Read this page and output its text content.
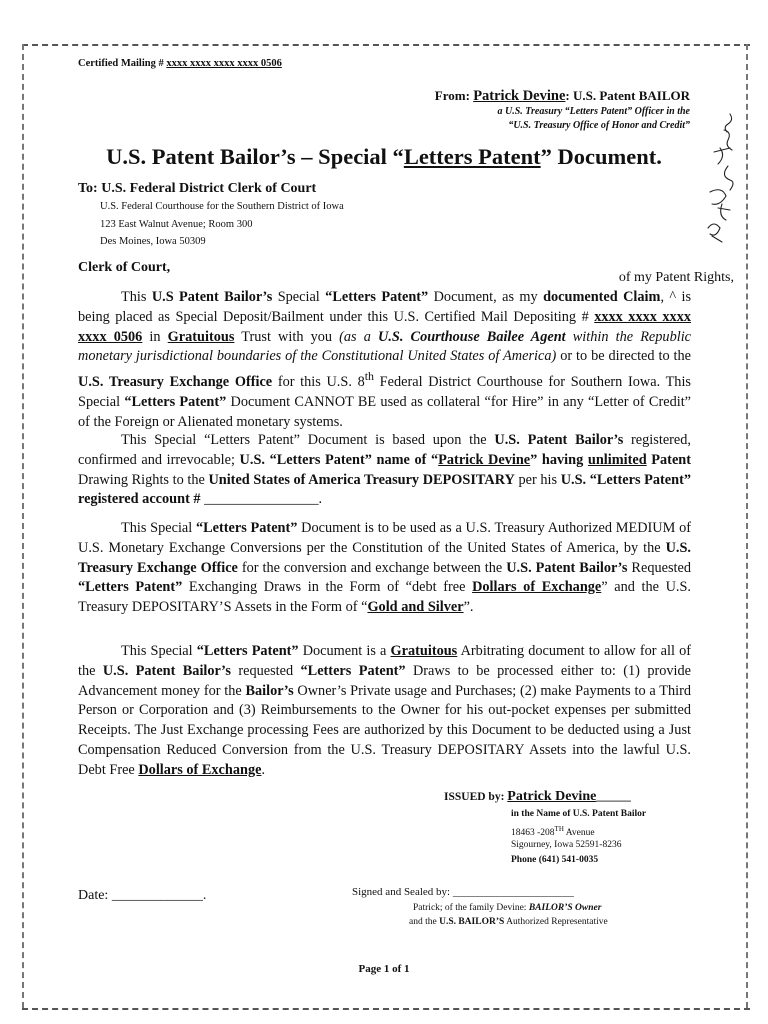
Certified Mailing # xxxx xxxx xxxx xxxx 0506
From: Patrick Devine: U.S. Patent BAILOR
a U.S. Treasury “Letters Patent” Officer in the
“U.S. Treasury Office of Honor and Credit”
U.S. Patent Bailor’s – Special “Letters Patent” Document.
To: U.S. Federal District Clerk of Court
U.S. Federal Courthouse for the Southern District of Iowa
123 East Walnut Avenue; Room 300
Des Moines, Iowa 50309
Clerk of Court,
of my Patent Rights,

This U.S Patent Bailor’s Special “Letters Patent” Document, as my documented Claim, ^ is being placed as Special Deposit/Bailment under this U.S. Certified Mail Depositing # xxxx xxxx xxxx xxxx 0506 in Gratuitous Trust with you (as a U.S. Courthouse Bailee Agent within the Republic monetary jurisdictional boundaries of the Constitutional United States of America) or to be directed to the U.S. Treasury Exchange Office for this U.S. 8th Federal District Courthouse for Southern Iowa. This Special “Letters Patent” Document CANNOT BE used as collateral “for Hire” in any “Letter of Credit” of the Foreign or Alienated monetary systems.

This Special “Letters Patent” Document is based upon the U.S. Patent Bailor’s registered, confirmed and irrevocable; U.S. “Letters Patent” name of “Patrick Devine” having unlimited Patent Drawing Rights to the United States of America Treasury DEPOSITARY per his U.S. “Letters Patent” registered account # ________________.

This Special “Letters Patent” Document is to be used as a U.S. Treasury Authorized MEDIUM of U.S. Monetary Exchange Conversions per the Constitution of the United States of America, by the U.S. Treasury Exchange Office for the conversion and exchange between the U.S. Patent Bailor’s Requested “Letters Patent” Exchanging Draws in the Form of “debt free Dollars of Exchange” and the U.S. Treasury DEPOSITARY’S Assets in the Form of “Gold and Silver”.

This Special “Letters Patent” Document is a Gratuitous Arbitrating document to allow for all of the U.S. Patent Bailor’s requested “Letters Patent” Draws to be processed either to: (1) provide Advancement money for the Bailor’s Owner’s Private usage and Purchases; (2) make Payments to a Third Person or Corporation and (3) Reimbursements to the Owner for his out-pocket expenses per submitted Receipts. The Just Exchange processing Fees are authorized by this Document to be deducted using a Just Compensation Reduced Conversion from the U.S. Treasury DEPOSITARY Assets into the lawful U.S. Debt Free Dollars of Exchange.

ISSUED by: Patrick Devine______
in the Name of U.S. Patent Bailor
18463 -208TH Avenue
Sigourney, Iowa 52591-8236
Phone (641) 541-0035
Date: _____________.	Signed and Sealed by: ______________________
Patrick; of the family Devine: BAILOR’S Owner
and the U.S. BAILOR’S Authorized Representative
Page 1 of 1
